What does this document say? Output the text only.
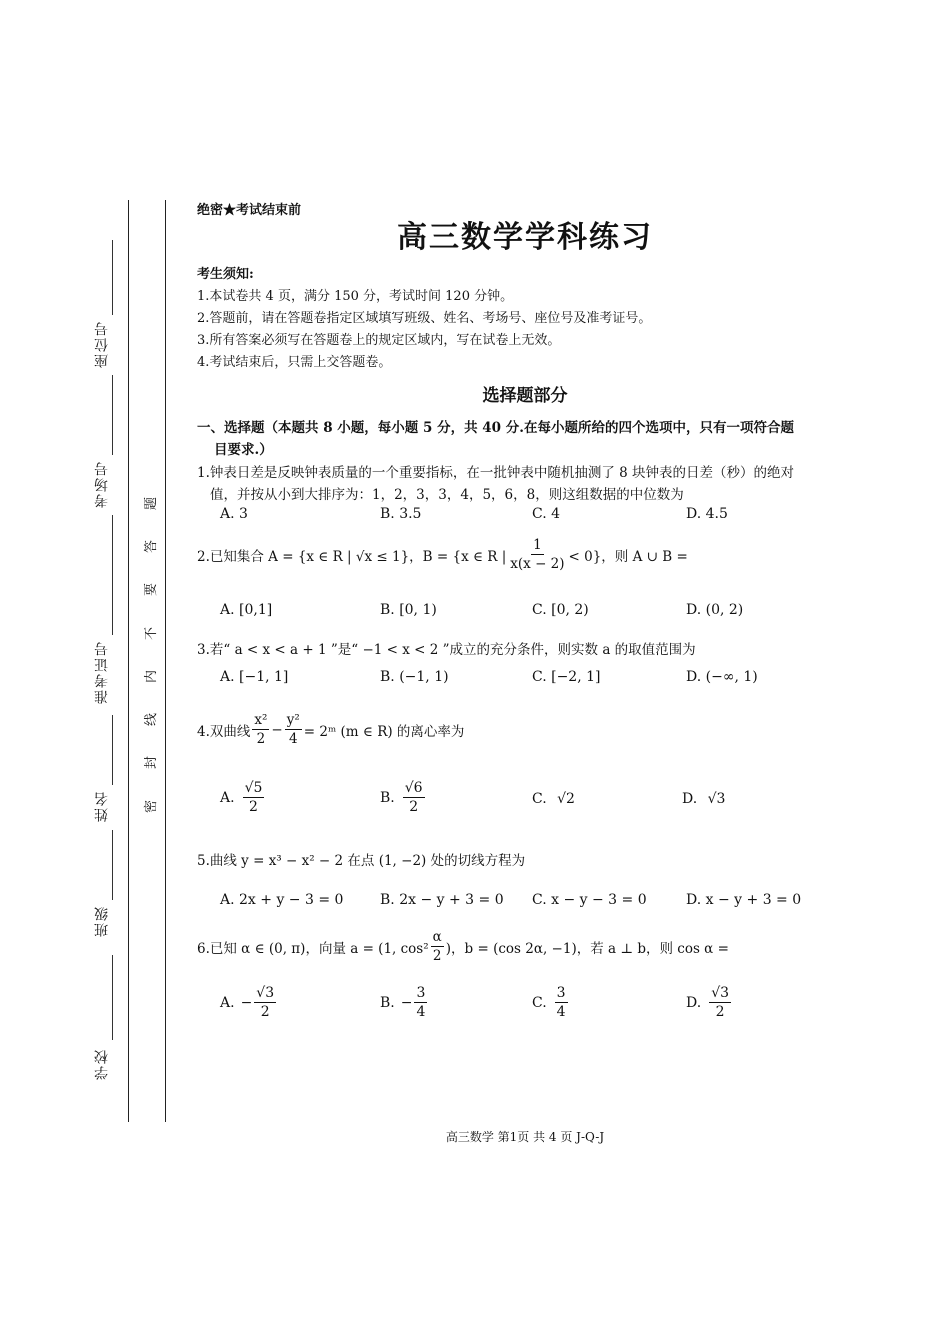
座位号
考场号
准考证号
姓名
班级
学校
密
封
线
内
不
要
答
题
绝密★考试结束前
高三数学学科练习
考生须知:
1.本试卷共 4 页，满分 150 分，考试时间 120 分钟。
2.答题前，请在答题卷指定区域填写班级、姓名、考场号、座位号及准考证号。
3.所有答案必须写在答题卷上的规定区域内，写在试卷上无效。
4.考试结束后，只需上交答题卷。
选择题部分
一、选择题（本题共 8 小题，每小题 5 分，共 40 分.在每小题所给的四个选项中，只有一项符合题
目要求.）
1.钟表日差是反映钟表质量的一个重要指标，在一批钟表中随机抽测了 8 块钟表的日差（秒）的绝对
值，并按从小到大排序为：1，2，3，3，4，5，6，8，则这组数据的中位数为
A. 3	B. 3.5	C. 4	D. 4.5
2.已知集合 A = {x ∈ R | √x ≤ 1}，B = {x ∈ R | $\frac{1}{x(x - 2)} < 0$}，则 A ∪ B =
A. [0,1]	B. [0, 1)	C. [0, 2)	D. (0, 2)
3.若“ a < x < a + 1 ”是“ −1 < x < 2 ”成立的充分条件，则实数 a 的取值范围为
A. [−1, 1]	B. (−1, 1)	C. [−2, 1]	D. (−∞, 1)
4.双曲线 $\frac{\text{x²}}{2} - \frac{\text{y²}}{4}$ = 2ᵐ (m ∈ R) 的离心率为
A. $\frac{√5}{2}$	B. $\frac{√6}{2}$	C. √2	D. √3
5.曲线 y = x³ − x² − 2 在点 (1, −2) 处的切线方程为
A. 2x + y − 3 = 0	B. 2x − y + 3 = 0 C. x − y − 3 = 0	D. x − y + 3 = 0
6.已知 α ∈ (0, π)，向量 a = (1, $\cos^2 \frac{\alpha}{2}$ )，b = (cos 2α, −1)，若 a ⊥ b，则 cos α =
A. − $\frac{√3}{2}$	B. − $\frac{3}{4}$	C. $\frac{3}{4}$	D. $\frac{√3}{2}$
高三数学 第1页 共 4 页 J-Q-J
